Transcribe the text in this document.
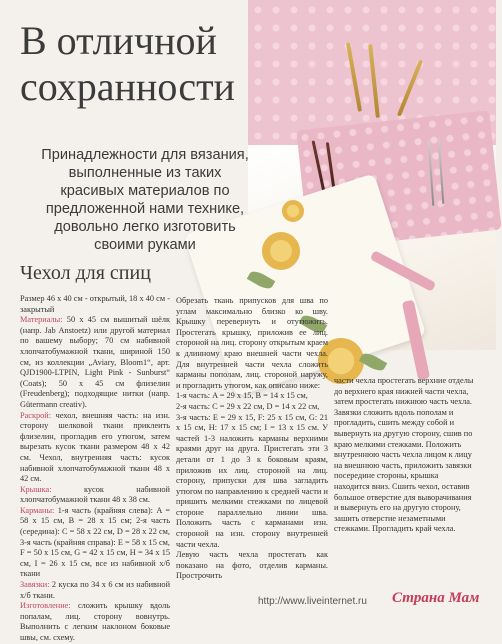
В отличной
сохранности

Принадлежности для вязания, выполненные из таких красивых материалов по предложенной нами технике, довольно легко изготовить своими руками

Чехол для спиц

Размер 46 x 40 см - открытый, 18 x 40 см - закрытый

Материалы: 50 x 45 см вышитый шёлк (напр. Jab Anstoetz) или другой материал по вашему выбору; 70 см набивной хлопчатобумажной ткани, шириной 150 см, из коллекции „Aviary, Bloom1“, арт. QJD1900-LTPIN, Light Pink - Sunburst“ (Coats); 50 x 45 см флизелин (Freudenberg); подходящие нитки (напр. Gütermann creativ).

Раскрой: чехол, внешняя часть: на изн. сторону шелковой ткани приклеить флизелин, прогладив его утюгом, затем вырезать кусок ткани размером 48 x 42 см. Чехол, внутренняя часть: кусок набивной хлопчатобумажной ткани 48 x 42 см.

Крышка:	кусок набивной хлопчатобумажной ткани 48 x 38 см.

Карманы: 1-я часть (крайняя слева): A = 58 x 15 см, B = 28 x 15 см; 2-я часть (середина): C = 58 x 22 см, D = 28 x 22 см, 3-я часть (крайняя справа): E = 58 x 15 см, F = 50 x 15 см, G = 42 x 15 см, H = 34 x 15 см, I = 26 x 15 см, все из набивной х/б ткани

Завязки: 2 куска по 34 x 6 см из набивной х/б ткани.

Изготовление: сложить крышку вдоль попалам, лиц. сторону вовнутрь. Выполнить с легким наклоном боковые швы, см. схему.

Обрезать ткань припусков для шва по углам максимально близко ко шву. Крышку перевернуть и отутюжить. Простегать крышку, приложив ее лиц. стороной на лиц. сторону открытым краем к длинному краю внешней части чехла. Для внутренней части чехла сложить карманы пополам, лиц. стороной наружу, и прогладить утюгом, как описано ниже:

1-я часть: A = 29 x 15, B = 14 x 15 см,

2-я часть: C = 29 x 22 см, D = 14 x 22 см,

3-я часть: E = 29 x 15, F: 25 x 15 см, G: 21 x 15 см, H: 17 x 15 см; I = 13 x 15 см. У частей 1-3 наложить карманы верхними краями друг на друга. Пристегать эти 3 детали от 1 до 3 к боковым краям, приложив их лиц. стороной на лиц. сторону, припуски для шва загладить утюгом по направлению к средней части и пришить мелкими стежками по лицевой стороне параллельно линии шва. Положить часть с карманами изн. стороной на изн. сторону внутренней части чехла.

Левую часть чехла простегать как показано на фото, отделив карманы. Прострочить

части чехла простегать верхние отделы до верхнего края нижней части чехла, затем простегать нижнюю часть чехла. Завязки сложить вдоль пополам и прогладить, сшить между собой и вывернуть на другую сторону, сшив по краю мелкими стежками. Положить внутреннюю часть чехла лицом к лицу на внешнюю часть, приложить завязки посередине стороны, крышка находится вниз. Сшить чехол, оставив большое отверстие для выворачивания и вывернуть его на другую сторону, зашить отверстие незаметными стежками. Прогладить край чехла.

http://www.liveinternet.ru Страна Мам
